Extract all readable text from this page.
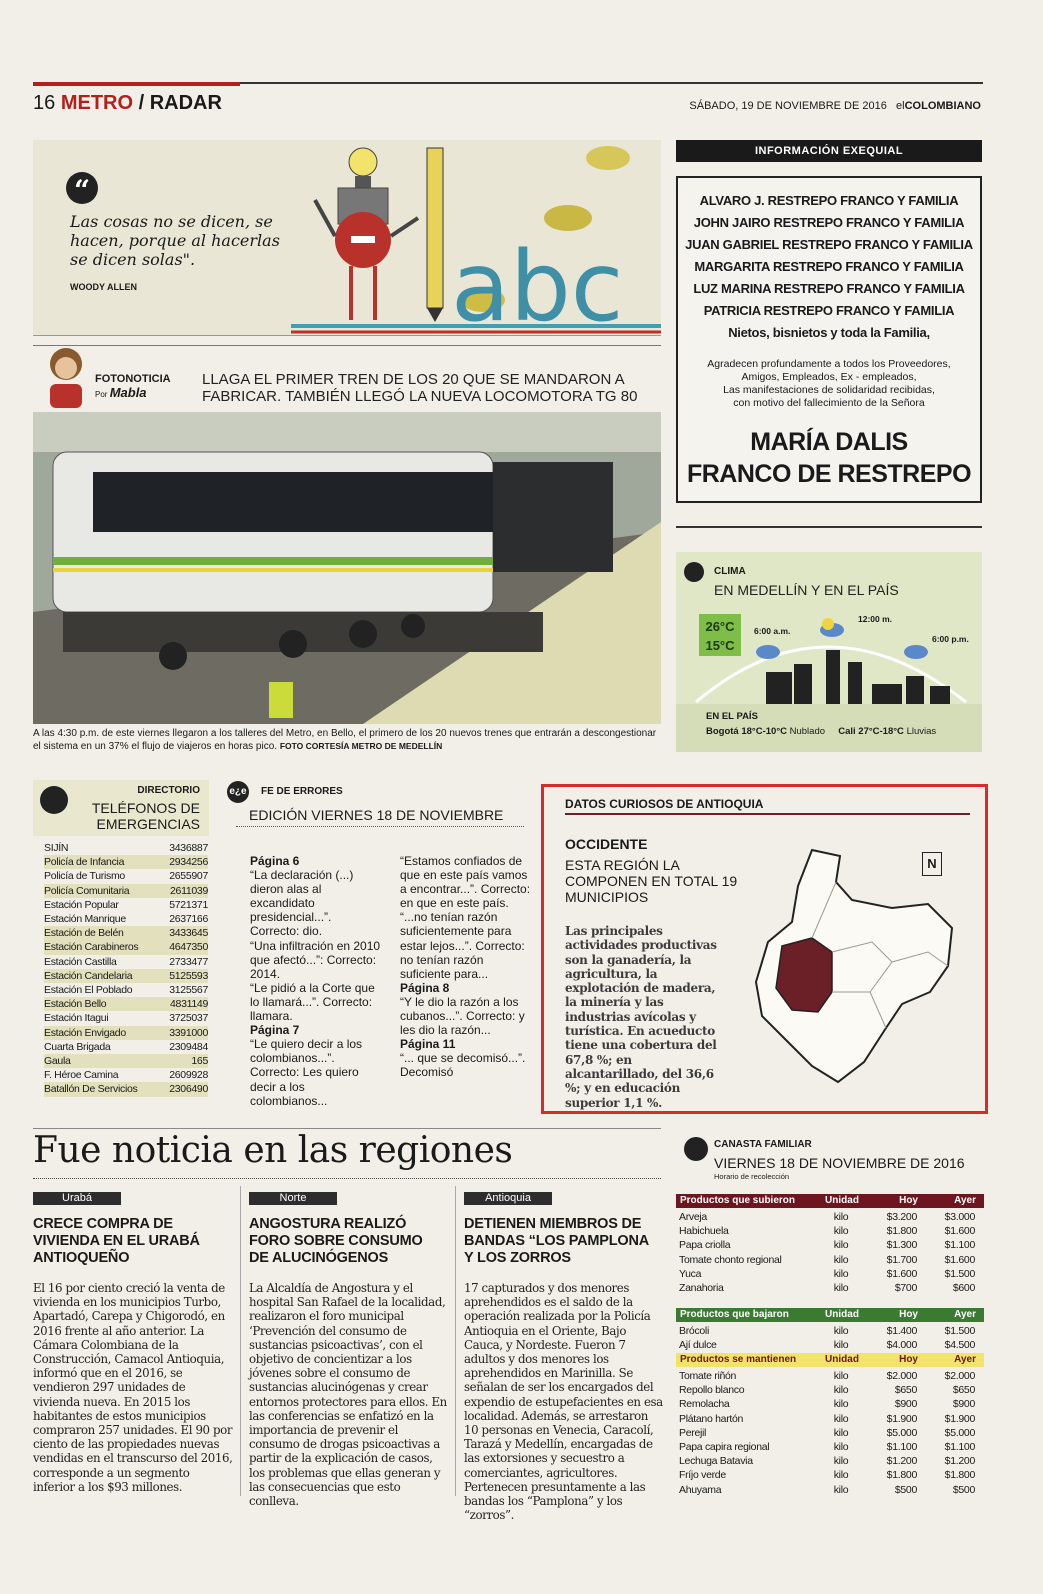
16 METRO / RADAR	SÁBADO, 19 DE NOVIEMBRE DE 2016 elCOLOMBIANO
abc
“
Las cosas no se dicen, se hacen, porque al hacerlas se dicen solas".
WOODY ALLEN
FOTONOTICIA
Por Mabla
LLAGA EL PRIMER TREN DE LOS 20 QUE SE MANDARON A FABRICAR. TAMBIÉN LLEGÓ LA NUEVA LOCOMOTORA TG 80
A las 4:30 p.m. de este viernes llegaron a los talleres del Metro, en Bello, el primero de los 20 nuevos trenes que entrarán a descongestionar el sistema en un 37% el flujo de viajeros en horas pico. FOTO CORTESÍA METRO DE MEDELLÍN
INFORMACIÓN EXEQUIAL
ALVARO J. RESTREPO FRANCO Y FAMILIA
JOHN JAIRO RESTREPO FRANCO Y FAMILIA
JUAN GABRIEL RESTREPO FRANCO Y FAMILIA
MARGARITA RESTREPO FRANCO Y FAMILIA
LUZ MARINA RESTREPO FRANCO Y FAMILIA
PATRICIA RESTREPO FRANCO Y FAMILIA
Nietos, bisnietos y toda la Familia,
Agradecen profundamente a todos los Proveedores,
Amigos, Empleados, Ex - empleados,
Las manifestaciones de solidaridad recibidas,
con motivo del fallecimiento de la Señora
MARÍA DALIS
FRANCO DE RESTREPO
CLIMA
EN MEDELLÍN Y EN EL PAÍS
26°C
15°C
6:00 a.m.
12:00 m.
6:00 p.m.
EN EL PAÍS
Bogotá 18°C-10°C Nublado Cali 27°C-18°C Lluvias
DIRECTORIO
TELÉFONOS DE EMERGENCIAS
SIJÍN	3436887
Policía de Infancia	2934256
Policía de Turismo	2655907
Policía Comunitaria	2611039
Estación Popular	5721371
Estación Manrique	2637166
Estación de Belén	3433645
Estación Carabineros	4647350
Estación Castilla	2733477
Estación Candelaria	5125593
Estación El Poblado	3125567
Estación Bello	4831149
Estación Itagui	3725037
Estación Envigado	3391000
Cuarta Brigada	2309484
Gaula	165
F. Héroe Camina	2609928
Batallón De Servicios	2306490
e¿e FE DE ERRORES
EDICIÓN VIERNES 18 DE NOVIEMBRE
Página 6
“La declaración (...) dieron alas al excandidato presidencial...”. Correcto: dio.
“Una infiltración en 2010 que afectó...”: Correcto: 2014.
“Le pidió a la Corte que lo llamará...”. Correcto: llamara.
Página 7
“Le quiero decir a los colombianos...”. Correcto: Les quiero decir a los colombianos...
“Estamos confiados de que en este país vamos a encontrar...”. Correcto: en que en este país.
“...no tenían razón suficientemente para estar lejos...”. Correcto: no tenían razón suficiente para...
Página 8
“Y le dio la razón a los cubanos...”. Correcto: y les dio la razón...
Página 11
“... que se decomisó...”. Decomisó
DATOS CURIOSOS DE ANTIOQUIA
OCCIDENTE
ESTA REGIÓN LA COMPONEN EN TOTAL 19 MUNICIPIOS
Las principales actividades productivas son la ganadería, la agricultura, la explotación de madera, la minería y las industrias avícolas y turística. En acueducto tiene una cobertura del 67,8 %; en alcantarillado, del 36,6 %; y en educación superior 1,1 %.
N
Fue noticia en las regiones
Urabá
CRECE COMPRA DE VIVIENDA EN EL URABÁ ANTIOQUEÑO
El 16 por ciento creció la venta de vivienda en los municipios Turbo, Apartadó, Carepa y Chigorodó, en 2016 frente al año anterior. La Cámara Colombiana de la Construcción, Camacol Antioquia, informó que en el 2016, se vendieron 297 unidades de vivienda nueva. En 2015 los habitantes de estos municipios compraron 257 unidades. El 90 por ciento de las propiedades nuevas vendidas en el transcurso del 2016, corresponde a un segmento inferior a los $93 millones.
Norte
ANGOSTURA REALIZÓ FORO SOBRE CONSUMO DE ALUCINÓGENOS
La Alcaldía de Angostura y el hospital San Rafael de la localidad, realizaron el foro municipal ‘Prevención del consumo de sustancias psicoactivas’, con el objetivo de concientizar a los jóvenes sobre el consumo de sustancias alucinógenas y crear entornos protectores para ellos. En las conferencias se enfatizó en la importancia de prevenir el consumo de drogas psicoactivas a partir de la explicación de casos, los problemas que ellas generan y las consecuencias que esto conlleva.
Antioquia
DETIENEN MIEMBROS DE BANDAS “LOS PAMPLONA Y LOS ZORROS
17 capturados y dos menores aprehendidos es el saldo de la operación realizada por la Policía Antioquia en el Oriente, Bajo Cauca, y Nordeste. Fueron 7 adultos y dos menores los aprehendidos en Marinilla. Se señalan de ser los encargados del expendio de estupefacientes en esa localidad. Además, se arrestaron 10 personas en Venecia, Caracolí, Tarazá y Medellín, encargadas de las extorsiones y secuestro a comerciantes, agricultores. Pertenecen presuntamente a las bandas los “Pamplona” y los “zorros”.
CANASTA FAMILIAR
VIERNES 18 DE NOVIEMBRE DE 2016
Horario de recolección
Productos que subieron	Unidad	Hoy	Ayer
Arveja	kilo	$3.200	$3.000
Habichuela	kilo	$1.800	$1.600
Papa criolla	kilo	$1.300	$1.100
Tomate chonto regional	kilo	$1.700	$1.600
Yuca	kilo	$1.600	$1.500
Zanahoria	kilo	$700	$600
Productos que bajaron	Unidad	Hoy	Ayer
Brócoli	kilo	$1.400	$1.500
Ají dulce	kilo	$4.000	$4.500
Productos se mantienen	Unidad	Hoy	Ayer
Tomate riñón	kilo	$2.000	$2.000
Repollo blanco	kilo	$650	$650
Remolacha	kilo	$900	$900
Plátano hartón	kilo	$1.900	$1.900
Perejil	kilo	$5.000	$5.000
Papa capira regional	kilo	$1.100	$1.100
Lechuga Batavia	kilo	$1.200	$1.200
Fríjo verde	kilo	$1.800	$1.800
Ahuyama	kilo	$500	$500
